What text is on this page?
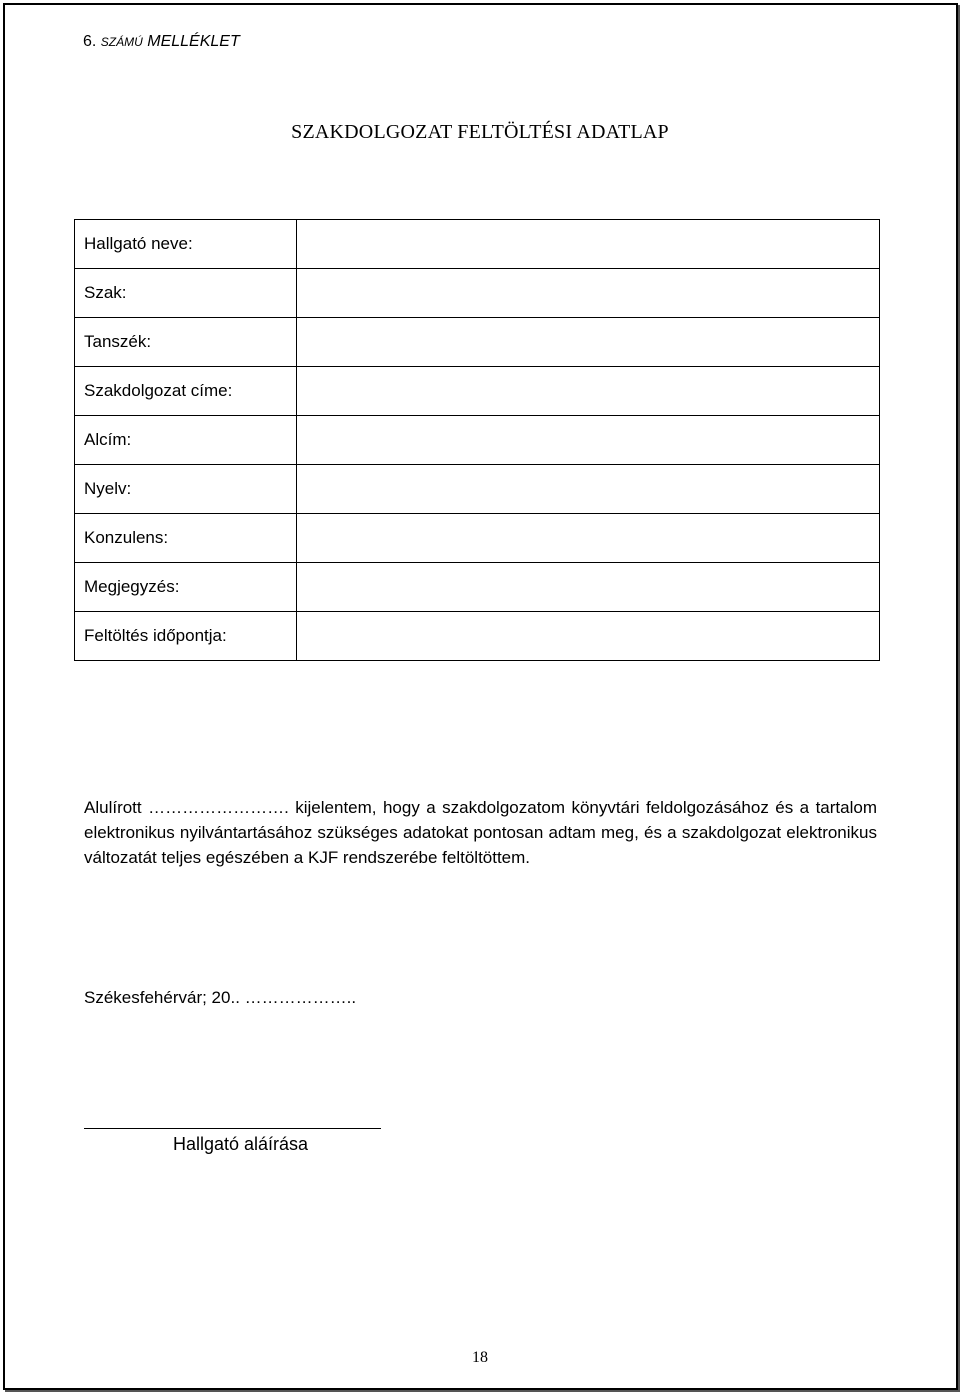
6. SZÁMÚ MELLÉKLET
SZAKDOLGOZAT FELTÖLTÉSI ADATLAP
Hallgató neve:	
Szak:	
Tanszék:	
Szakdolgozat címe:	
Alcím:	
Nyelv:	
Konzulens:	
Megjegyzés:	
Feltöltés időpontja:	
Alulírott ……………………. kijelentem, hogy a szakdolgozatom könyvtári feldolgozásához és a tartalom elektronikus nyilvántartásához szükséges adatokat pontosan adtam meg, és a szakdolgozat elektronikus változatát teljes egészében a KJF rendszerébe feltöltöttem.
Székesfehérvár; 20.. ………………..
Hallgató aláírása
18
